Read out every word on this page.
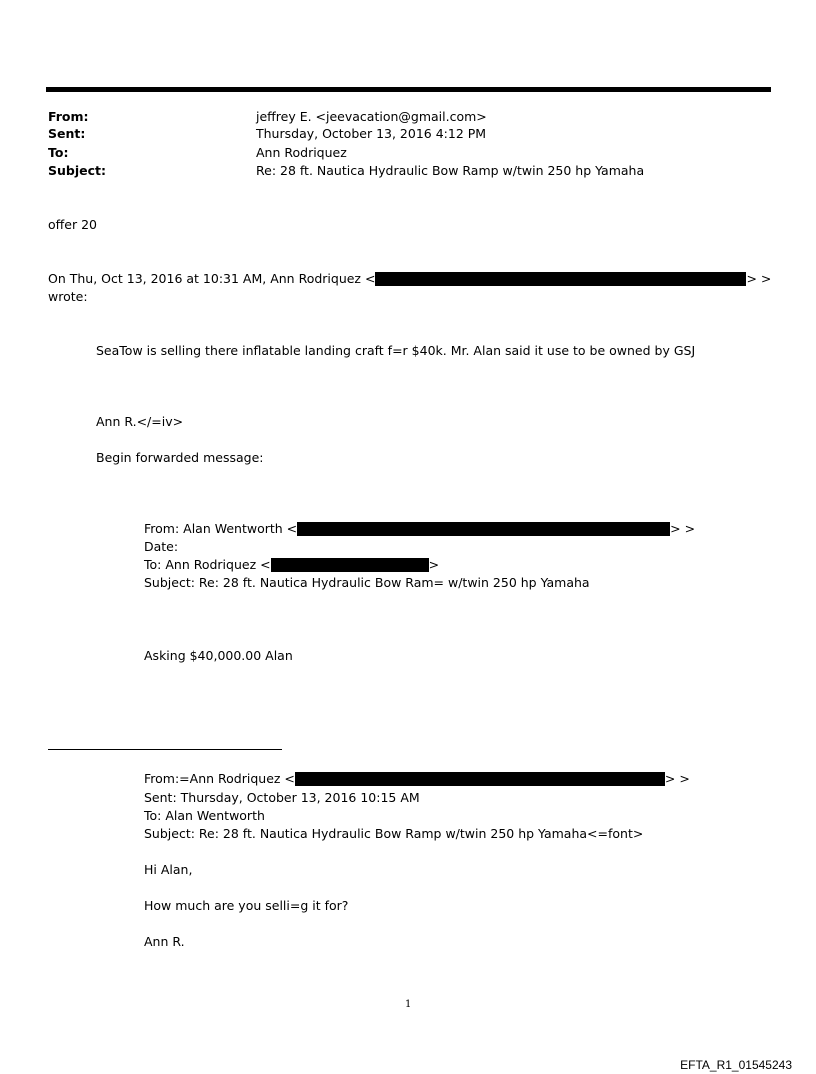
From:	jeffrey E. <jeevacation@gmail.com>
Sent:	Thursday, October 13, 2016 4:12 PM
To:	Ann Rodriquez
Subject:	Re: 28 ft. Nautica Hydraulic Bow Ramp w/twin 250 hp Yamaha
offer 20
On Thu, Oct 13, 2016 at 10:31 AM, Ann Rodriquez <	> >
wrote:
SeaTow is selling there inflatable landing craft f=r $40k. Mr. Alan said it use to be owned by GSJ
Ann R.</=iv>
Begin forwarded message:
From: Alan Wentworth <	> >
Date:
To: Ann Rodriquez <	>
Subject: Re: 28 ft. Nautica Hydraulic Bow Ram= w/twin 250 hp Yamaha
Asking $40,000.00 Alan
From:=Ann Rodriquez <	> >
Sent: Thursday, October 13, 2016 10:15 AM
To: Alan Wentworth
Subject: Re: 28 ft. Nautica Hydraulic Bow Ramp w/twin 250 hp Yamaha<=font>
Hi Alan,
How much are you selli=g it for?
Ann R.
1
EFTA_R1_01545243
